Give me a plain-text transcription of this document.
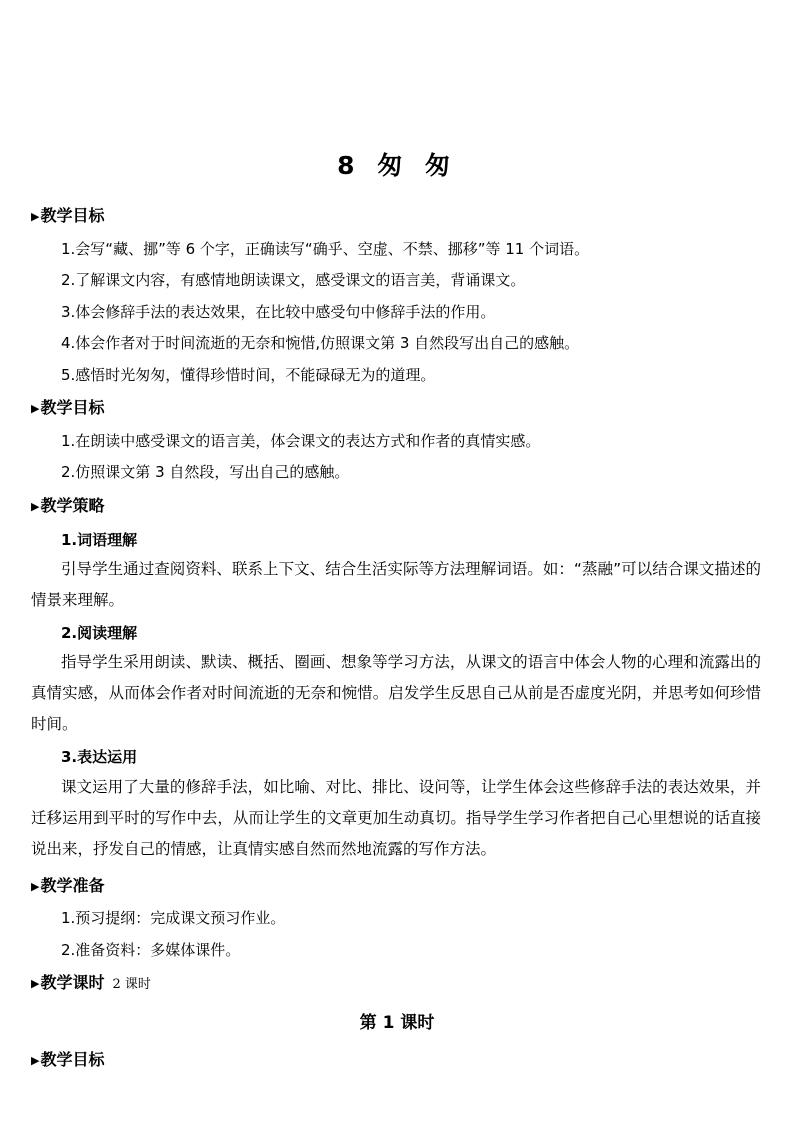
8 匆 匆
▶教学目标
1.会写“藏、挪”等 6 个字，正确读写“确乎、空虚、不禁、挪移”等 11 个词语。
2.了解课文内容，有感情地朗读课文，感受课文的语言美，背诵课文。
3.体会修辞手法的表达效果，在比较中感受句中修辞手法的作用。
4.体会作者对于时间流逝的无奈和惋惜,仿照课文第 3 自然段写出自己的感触。
5.感悟时光匆匆，懂得珍惜时间，不能碌碌无为的道理。
▶教学目标
1.在朗读中感受课文的语言美，体会课文的表达方式和作者的真情实感。
2.仿照课文第 3 自然段，写出自己的感触。
▶教学策略
1.词语理解

引导学生通过查阅资料、联系上下文、结合生活实际等方法理解词语。如：“蒸融”可以结合课文描述的情景来理解。

2.阅读理解

指导学生采用朗读、默读、概括、圈画、想象等学习方法，从课文的语言中体会人物的心理和流露出的真情实感，从而体会作者对时间流逝的无奈和惋惜。启发学生反思自己从前是否虚度光阴，并思考如何珍惜时间。

3.表达运用

课文运用了大量的修辞手法，如比喻、对比、排比、设问等，让学生体会这些修辞手法的表达效果，并迁移运用到平时的写作中去，从而让学生的文章更加生动真切。指导学生学习作者把自己心里想说的话直接说出来，抒发自己的情感，让真情实感自然而然地流露的写作方法。

▶教学准备
1.预习提纲：完成课文预习作业。
2.准备资料：多媒体课件。
▶教学课时 2 课时
第 1 课时
▶教学目标
